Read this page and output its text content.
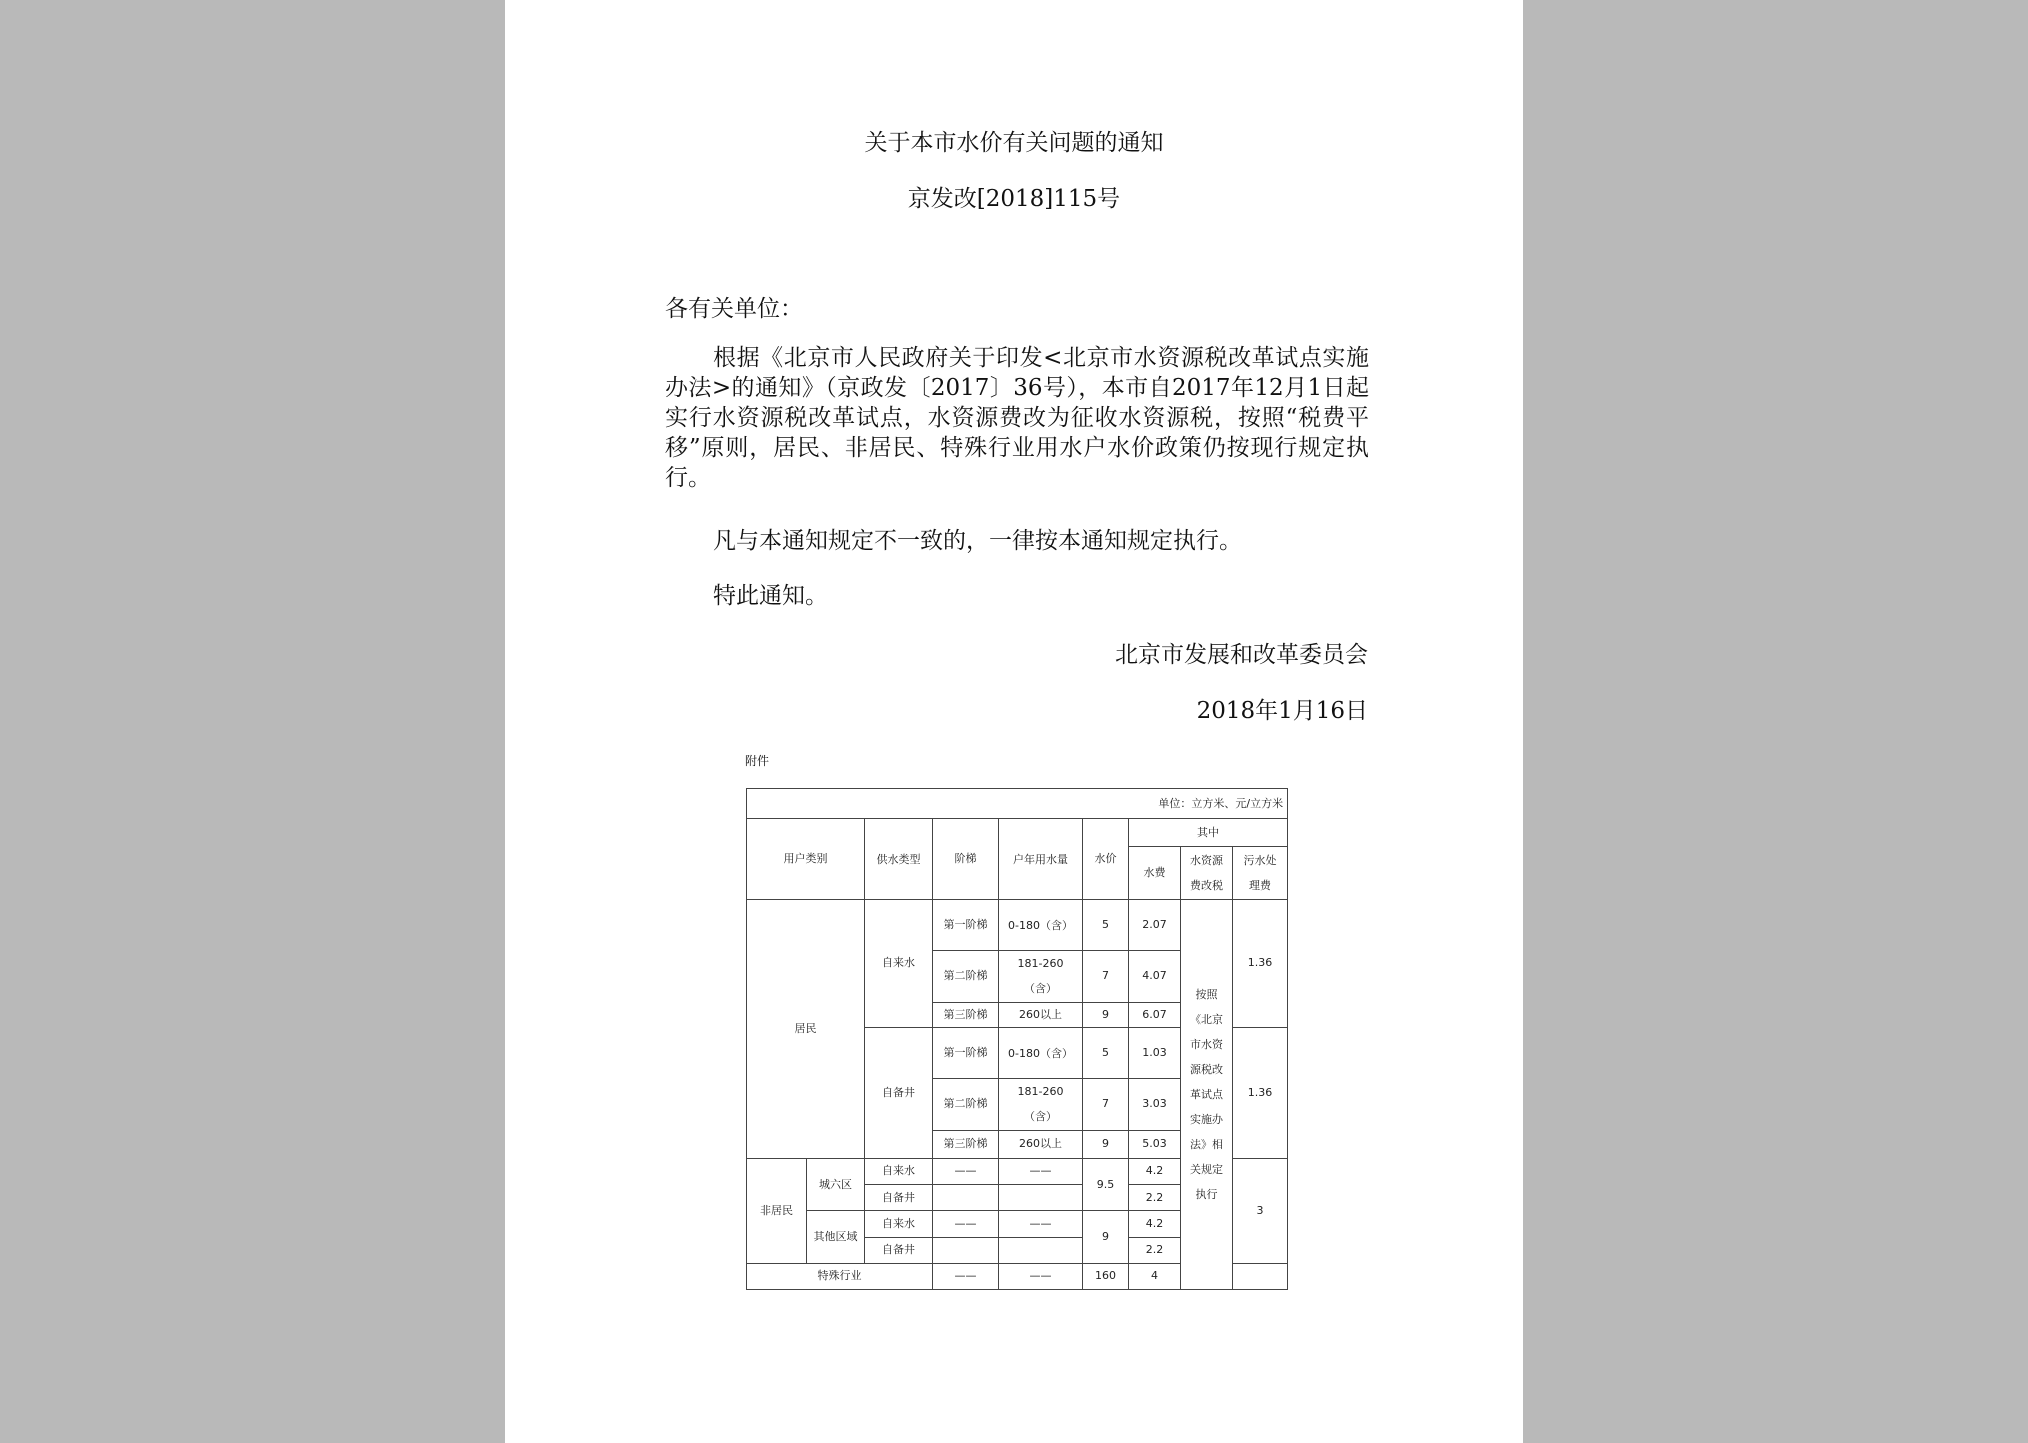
关于本市水价有关问题的通知
京发改[2018]115号
各有关单位：
根据《北京市人民政府关于印发<北京市水资源税改革试点实施办法>的通知》（京政发〔2017〕36号），本市自2017年12月1日起实行水资源税改革试点，水资源费改为征收水资源税，按照“税费平移”原则，居民、非居民、特殊行业用水户水价政策仍按现行规定执行。
凡与本通知规定不一致的，一律按本通知规定执行。
特此通知。
北京市发展和改革委员会
2018年1月16日
附件
单位：立方米、元/立方米								
用户类别		供水类型	阶梯	户年用水量	水价	其中		
						水费	水资源费改税	污水处理费
居民		自来水	第一阶梯	0-180（含）	5	2.07	按照《北京市水资源税改革试点实施办法》相关规定执行	1.36
			第二阶梯	181-260（含）	7	4.07		
			第三阶梯	260以上	9	6.07		
		自备井	第一阶梯	0-180（含）	5	1.03		1.36
			第二阶梯	181-260（含）	7	3.03		
			第三阶梯	260以上	9	5.03		
非居民	城六区	自来水	——	——	9.5	4.2		3
		自备井				2.2		
	其他区域	自来水	——	——	9	4.2		
		自备井				2.2		
特殊行业			——	——	160	4		
